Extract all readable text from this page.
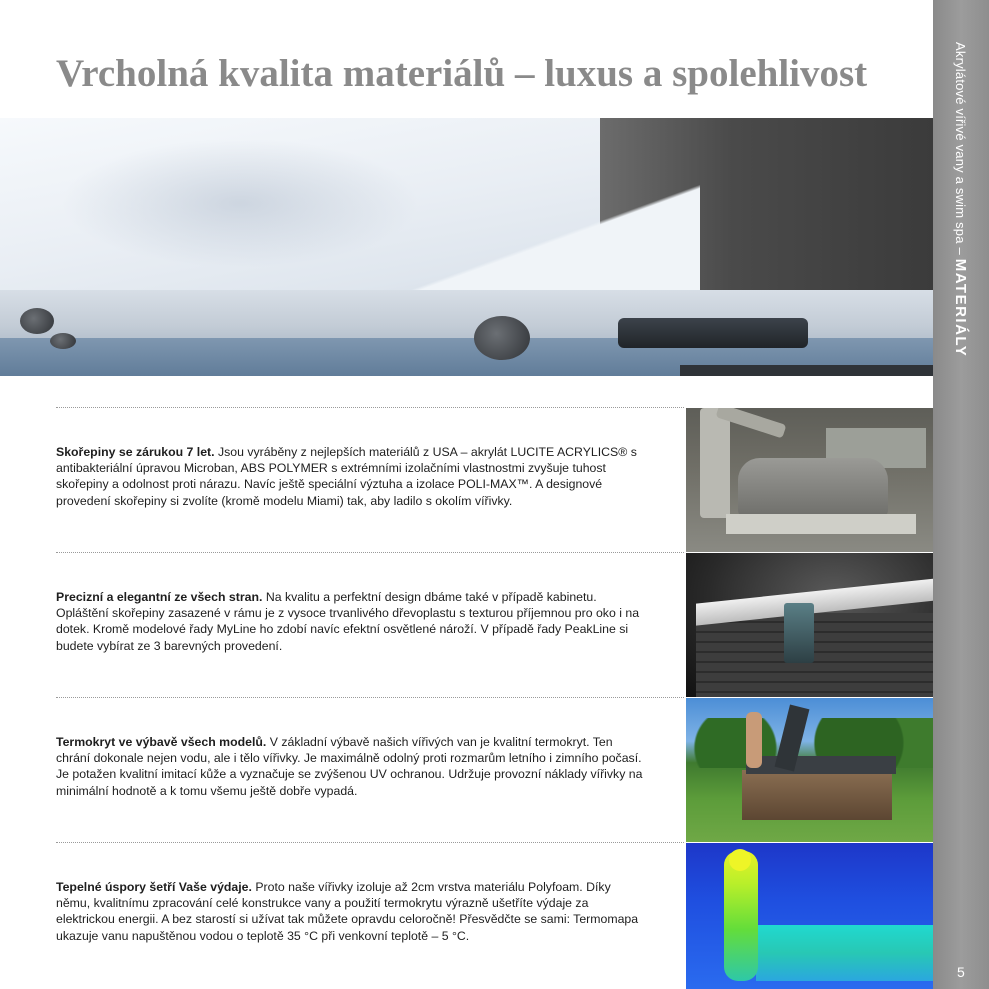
Vrcholná kvalita materiálů – luxus a spolehlivost	Akrylátové vířivé vany a swim spa – MATERIÁLY
5

Skořepiny se zárukou 7 let. Jsou vyráběny z nejlepších materiálů z USA – akrylát LUCITE ACRYLICS® s antibakteriální úpravou Microban, ABS POLYMER s extrémními izolačními vlastnostmi zvyšuje tuhost skořepiny a odolnost proti nárazu. Navíc ještě speciální výztuha a izolace POLI-MAX™. A designové provedení skořepiny si zvolíte (kromě modelu Miami) tak, aby ladilo s okolím vířivky.

Precizní a elegantní ze všech stran. Na kvalitu a perfektní design dbáme také v případě kabinetu. Opláštění skořepiny zasazené v rámu je z vysoce trvanlivého dřevoplastu s texturou příjemnou pro oko i na dotek. Kromě modelové řady MyLine ho zdobí navíc efektní osvětlené nároží. V případě řady PeakLine si budete vybírat ze 3 barevných provedení.

Termokryt ve výbavě všech modelů. V základní výbavě našich vířivých van je kvalitní termokryt. Ten chrání dokonale nejen vodu, ale i tělo vířivky. Je maximálně odolný proti rozmarům letního i zimního počasí. Je potažen kvalitní imitací kůže a vyznačuje se zvýšenou UV ochranou. Udržuje provozní náklady vířivky na minimální hodnotě a k tomu všemu ještě dobře vypadá.

Tepelné úspory šetří Vaše výdaje. Proto naše vířivky izoluje až 2cm vrstva materiálu Polyfoam. Díky němu, kvalitnímu zpracování celé konstrukce vany a použití termokrytu výrazně ušetříte výdaje za elektrickou energii. A bez starostí si užívat tak můžete opravdu celoročně! Přesvědčte se sami: Termomapa ukazuje vanu napuštěnou vodou o teplotě 35 °C při venkovní teplotě – 5 °C.
